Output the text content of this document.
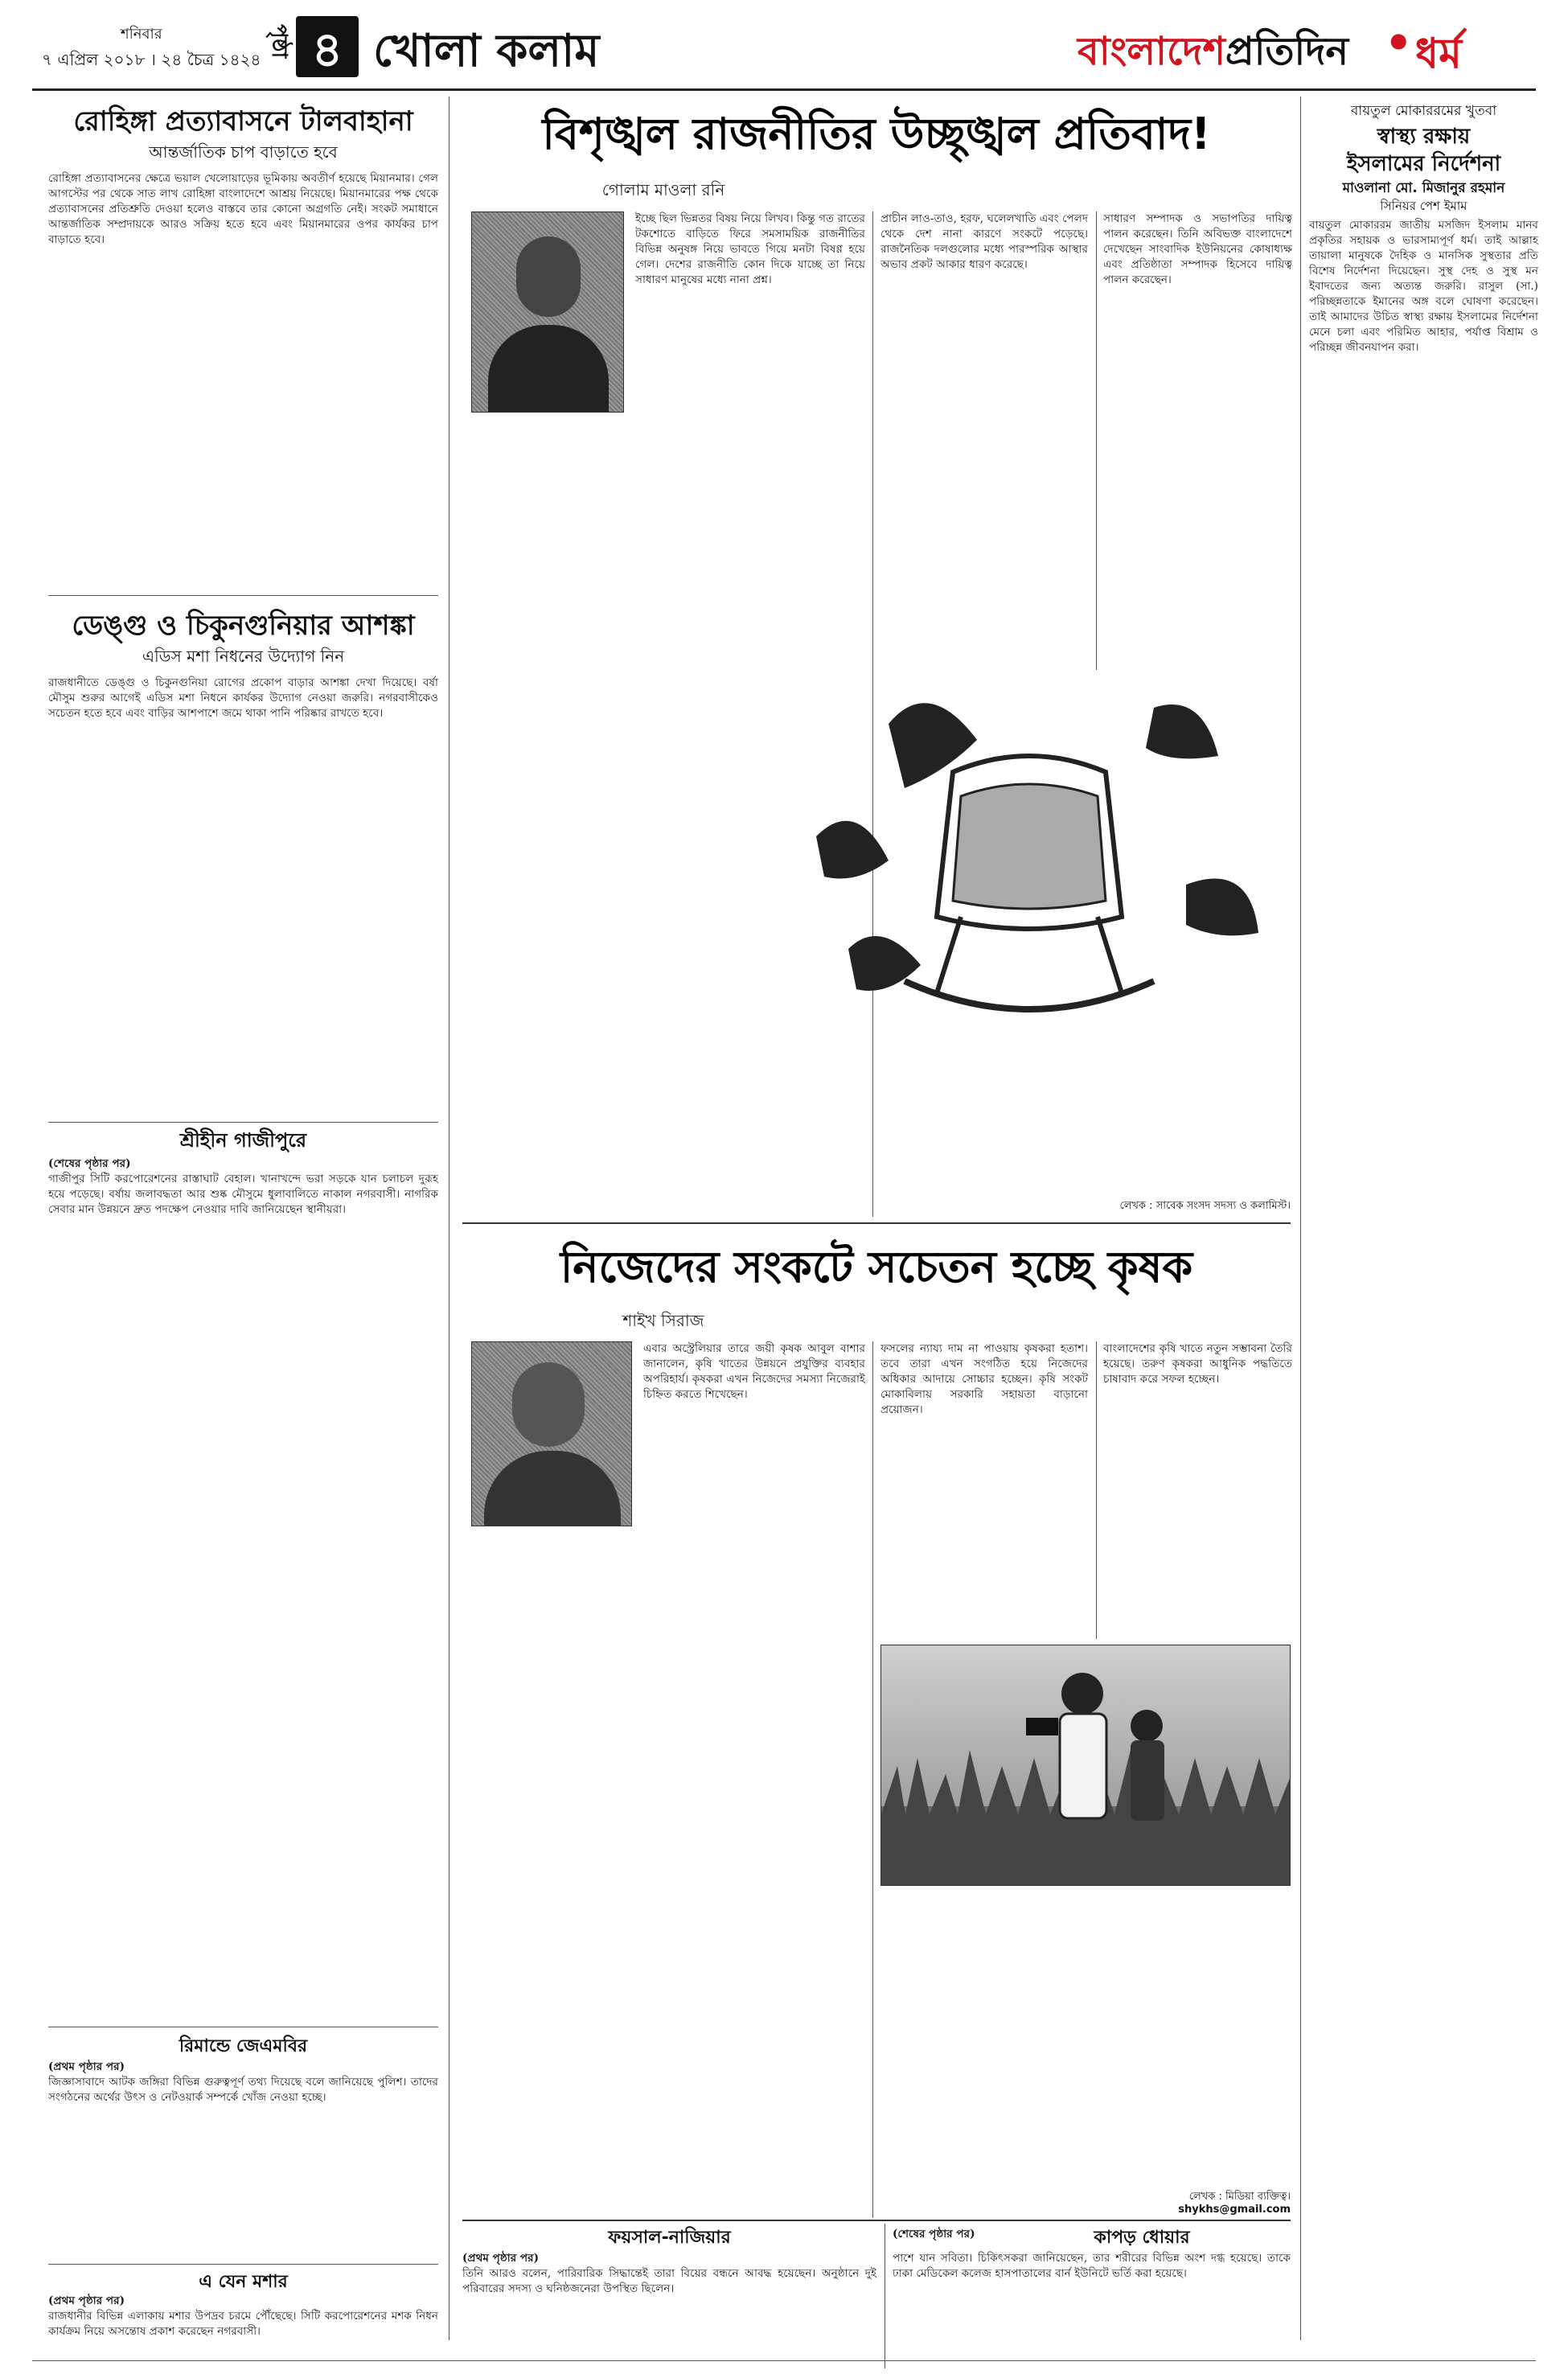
শনিবার
৭ এপ্রিল ২০১৮ । ২৪ চৈত্র ১৪২৪
পৃষ্ঠা ৪ খোলা কলাম	বাংলাদেশপ্রতিদিন • ধর্ম
রোহিঙ্গা প্রত্যাবাসনে টালবাহানা
আন্তর্জাতিক চাপ বাড়াতে হবে
রোহিঙ্গা প্রত্যাবাসনের ক্ষেত্রে ভয়াল খেলোয়াড়ের ভূমিকায় অবতীর্ণ হয়েছে মিয়ানমার। গেল আগস্টের পর থেকে সাত লাখ রোহিঙ্গা বাংলাদেশে আশ্রয় নিয়েছে। মিয়ানমারের পক্ষ থেকে প্রত্যাবাসনের প্রতিশ্রুতি দেওয়া হলেও বাস্তবে তার কোনো অগ্রগতি নেই। সংকট সমাধানে আন্তর্জাতিক সম্প্রদায়কে আরও সক্রিয় হতে হবে এবং মিয়ানমারের ওপর কার্যকর চাপ বাড়াতে হবে।
ডেঙ্গু ও চিকুনগুনিয়ার আশঙ্কা
এডিস মশা নিধনের উদ্যোগ নিন
রাজধানীতে ডেঙ্গু ও চিকুনগুনিয়া রোগের প্রকোপ বাড়ার আশঙ্কা দেখা দিয়েছে। বর্ষা মৌসুম শুরুর আগেই এডিস মশা নিধনে কার্যকর উদ্যোগ নেওয়া জরুরি। নগরবাসীকেও সচেতন হতে হবে এবং বাড়ির আশপাশে জমে থাকা পানি পরিষ্কার রাখতে হবে।
শ্রীহীন গাজীপুরে
(শেষের পৃষ্ঠার পর)
গাজীপুর সিটি করপোরেশনের রাস্তাঘাট বেহাল। খানাখন্দে ভরা সড়কে যান চলাচল দুরূহ হয়ে পড়েছে। বর্ষায় জলাবদ্ধতা আর শুষ্ক মৌসুমে ধুলাবালিতে নাকাল নগরবাসী। নাগরিক সেবার মান উন্নয়নে দ্রুত পদক্ষেপ নেওয়ার দাবি জানিয়েছেন স্থানীয়রা।
রিমান্ডে জেএমবির
(প্রথম পৃষ্ঠার পর)
জিজ্ঞাসাবাদে আটক জঙ্গিরা বিভিন্ন গুরুত্বপূর্ণ তথ্য দিয়েছে বলে জানিয়েছে পুলিশ। তাদের সংগঠনের অর্থের উৎস ও নেটওয়ার্ক সম্পর্কে খোঁজ নেওয়া হচ্ছে।
এ যেন মশার
(প্রথম পৃষ্ঠার পর)
রাজধানীর বিভিন্ন এলাকায় মশার উপদ্রব চরমে পৌঁছেছে। সিটি করপোরেশনের মশক নিধন কার্যক্রম নিয়ে অসন্তোষ প্রকাশ করেছেন নগরবাসী।
বিশৃঙ্খল রাজনীতির উচ্ছৃঙ্খল প্রতিবাদ!
গোলাম মাওলা রনি
ইচ্ছে ছিল ভিন্নতর বিষয় নিয়ে লিখব। কিন্তু গত রাতের টকশোতে বাড়িতে ফিরে সমসাময়িক রাজনীতির বিভিন্ন অনুষঙ্গ নিয়ে ভাবতে গিয়ে মনটা বিষণ্ণ হয়ে গেল। দেশের রাজনীতি কোন দিকে যাচ্ছে তা নিয়ে সাধারণ মানুষের মধ্যে নানা প্রশ্ন।
প্রাচীন লাও-তাও, হরফ, ঘলেলখাতি এবং পেলদ থেকে দেশ নানা কারণে সংকটে পড়েছে। রাজনৈতিক দলগুলোর মধ্যে পারস্পরিক আস্থার অভাব প্রকট আকার ধারণ করেছে।
সাধারণ সম্পাদক ও সভাপতির দায়িত্ব পালন করেছেন। তিনি অবিভক্ত বাংলাদেশে দেখেছেন সাংবাদিক ইউনিয়নের কোষাধ্যক্ষ এবং প্রতিষ্ঠাতা সম্পাদক হিসেবে দায়িত্ব পালন করেছেন।
লেখক : সাবেক সংসদ সদস্য ও কলামিস্ট।
নিজেদের সংকটে সচেতন হচ্ছে কৃষক
শাইখ সিরাজ
এবার অস্ট্রেলিয়ার তারে জয়ী কৃষক আবুল বাশার জানালেন, কৃষি খাতের উন্নয়নে প্রযুক্তির ব্যবহার অপরিহার্য। কৃষকরা এখন নিজেদের সমস্যা নিজেরাই চিহ্নিত করতে শিখেছেন।
ফসলের ন্যায্য দাম না পাওয়ায় কৃষকরা হতাশ। তবে তারা এখন সংগঠিত হয়ে নিজেদের অধিকার আদায়ে সোচ্চার হচ্ছেন। কৃষি সংকট মোকাবিলায় সরকারি সহায়তা বাড়ানো প্রয়োজন।
বাংলাদেশের কৃষি খাতে নতুন সম্ভাবনা তৈরি হয়েছে। তরুণ কৃষকরা আধুনিক পদ্ধতিতে চাষাবাদ করে সফল হচ্ছেন।
লেখক : মিডিয়া ব্যক্তিত্ব।
shykhs@gmail.com
ফয়সাল-নাজিয়ার
(প্রথম পৃষ্ঠার পর)
তিনি আরও বলেন, পারিবারিক সিদ্ধান্তেই তারা বিয়ের বন্ধনে আবদ্ধ হয়েছেন। অনুষ্ঠানে দুই পরিবারের সদস্য ও ঘনিষ্ঠজনেরা উপস্থিত ছিলেন।
(শেষের পৃষ্ঠার পর)	কাপড় ধোয়ার
পাশে যান সবিতা। চিকিৎসকরা জানিয়েছেন, তার শরীরের বিভিন্ন অংশ দগ্ধ হয়েছে। তাকে ঢাকা মেডিকেল কলেজ হাসপাতালের বার্ন ইউনিটে ভর্তি করা হয়েছে।
বায়তুল মোকাররমের খুতবা
স্বাস্থ্য রক্ষায়
ইসলামের নির্দেশনা
মাওলানা মো. মিজানুর রহমান
সিনিয়র পেশ ইমাম
বায়তুল মোকাররম জাতীয় মসজিদ ইসলাম মানব প্রকৃতির সহায়ক ও ভারসাম্যপূর্ণ ধর্ম। তাই আল্লাহ তায়ালা মানুষকে দৈহিক ও মানসিক সুস্থতার প্রতি বিশেষ নির্দেশনা দিয়েছেন। সুস্থ দেহ ও সুস্থ মন ইবাদতের জন্য অত্যন্ত জরুরি। রাসুল (সা.) পরিচ্ছন্নতাকে ইমানের অঙ্গ বলে ঘোষণা করেছেন। তাই আমাদের উচিত স্বাস্থ্য রক্ষায় ইসলামের নির্দেশনা মেনে চলা এবং পরিমিত আহার, পর্যাপ্ত বিশ্রাম ও পরিচ্ছন্ন জীবনযাপন করা।
